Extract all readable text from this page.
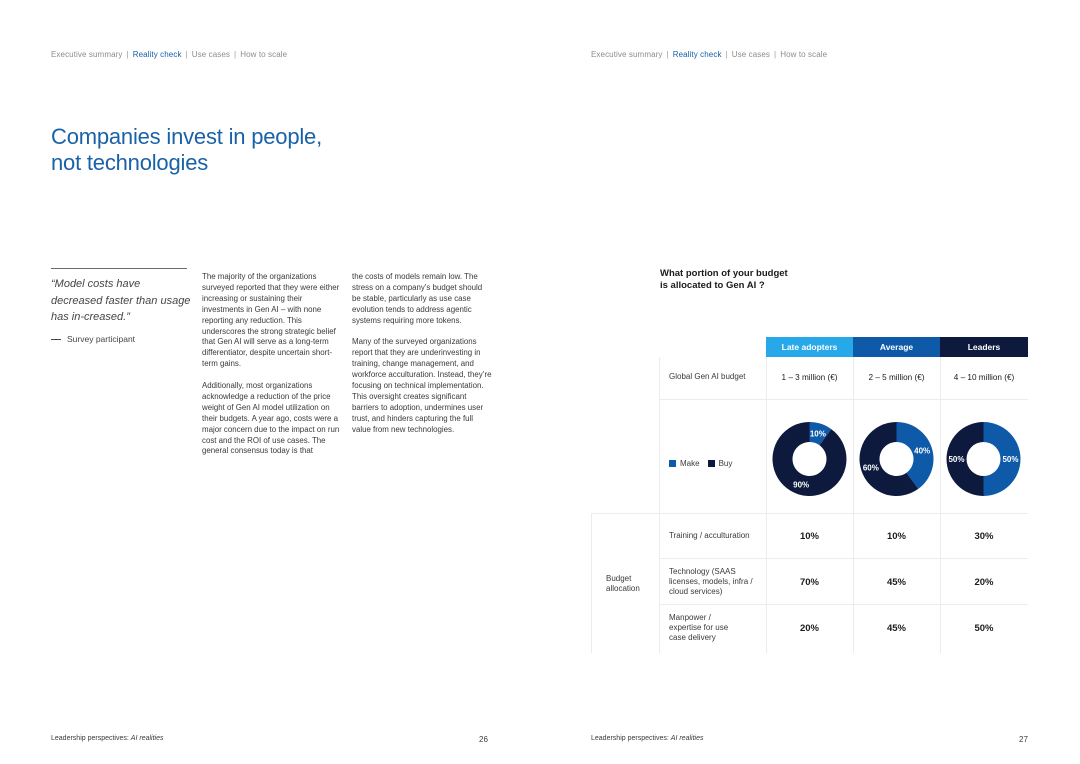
Executive summary | Reality check | Use cases | How to scale	Executive summary | Reality check | Use cases | How to scale
Companies invest in people,
not technologies
“Model costs have decreased faster than usage has in-creased.”
Survey participant

The majority of the organizations surveyed reported that they were either increasing or sustaining their investments in Gen AI – with none reporting any reduction. This underscores the strong strategic belief that Gen AI will serve as a long-term differentiator, despite uncertain short-term gains.

Additionally, most organizations acknowledge a reduction of the price weight of Gen AI model utilization on their budgets. A year ago, costs were a major concern due to the impact on run cost and the ROI of use cases. The general consensus today is that

the costs of models remain low. The stress on a company’s budget should be stable, particularly as use case evolution tends to address agentic systems requiring more tokens.

Many of the surveyed organizations report that they are underinvesting in training, change management, and workforce acculturation. Instead, they’re focusing on technical implementation. This oversight creates significant barriers to adoption, undermines user trust, and hinders capturing the full value from new technologies.

What portion of your budget
is allocated to Gen AI ?
Late adopters	Average	Leaders
Global Gen AI budget	1 – 3 million (€)	2 – 5 million (€)	4 – 10 million (€)
Make Buy
10%
90%
40%
60%
50%
50%
Budget
allocation
Training / acculturation	10%	10%	30%
Technology (SAAS
licenses, models, infra /
cloud services)
70%	45%	20%
Manpower /
expertise for use
case delivery
20%	45%	50%
Leadership perspectives: AI realities	26	Leadership perspectives: AI realities	27
